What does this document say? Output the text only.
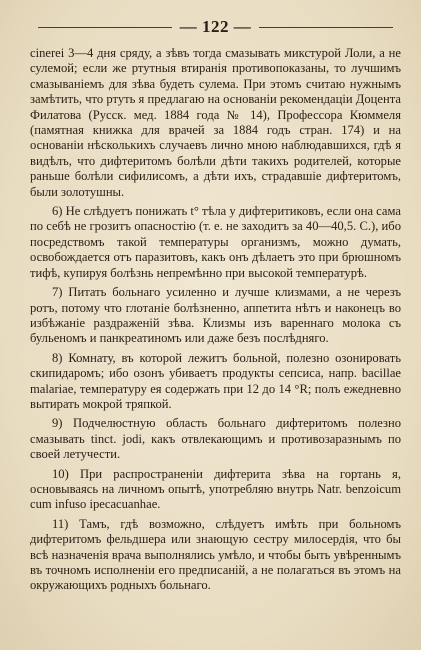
— 122 —

cinerei 3—4 дня сряду, а зѣвъ тогда смазывать микстурой Лоли, а не сулемой; если же ртутныя втиранія противопоказаны, то лучшимъ смазываніемъ для зѣва будеть сулема. При этомъ считаю нужнымъ замѣтить, что ртуть я предлагаю на основаніи рекомендаціи Доцента Филатова (Русск. мед. 1884 года № 14), Профессора Кюммеля (памятная книжка для врачей за 1884 годъ стран. 174) и на основаніи нѣсколькихъ случаевъ лично мною наблюдавшихся, гдѣ я видѣлъ, что дифтеритомъ болѣли дѣти такихъ родителей, которые раньше болѣли сифилисомъ, а дѣти ихъ, страдавшіе дифтеритомъ, были золотушны.

6) Не слѣдуетъ понижать t° тѣла у дифтеритиковъ, если она сама по себѣ не грозитъ опасностію (т. е. не заходитъ за 40—40,5. C.), ибо посредствомъ такой температуры организмъ, можно думать, освобождается отъ паразитовъ, какъ онъ дѣлаетъ это при брюшномъ тифѣ, купируя болѣзнь непремѣнно при высокой температурѣ.

7) Питать больнаго усиленно и лучше клизмами, а не черезъ ротъ, потому что глотаніе болѣзненно, аппетита нѣтъ и наконецъ во избѣжаніе раздраженій зѣва. Клизмы изъ вареннаго молока съ бульеномъ и панкреатиномъ или даже безъ послѣдняго.

8) Комнату, въ которой лежитъ больной, полезно озонировать скипидаромъ; ибо озонъ убиваетъ продукты сепсиса, напр. bacillae malariae, температуру ея содержать при 12 до 14 °R; полъ ежедневно вытирать мокрой тряпкой.

9) Подчелюстную область больнаго дифтеритомъ полезно смазывать tinct. jodi, какъ отвлекающимъ и противозаразнымъ по своей летучести.

10) При распространеніи дифтерита зѣва на гортань я, основываясь на личномъ опытѣ, употребляю внутрь Natr. benzoicum cum infuso ipecacuanhae.

11) Тамъ, гдѣ возможно, слѣдуетъ имѣть при больномъ дифтеритомъ фельдшера или знающую сестру милосердія, что бы всѣ назначенія врача выполнялись умѣло, и чтобы быть увѣреннымъ въ точномъ исполненіи его предписаній, а не полагаться въ этомъ на окружающихъ родныхъ больнаго.
